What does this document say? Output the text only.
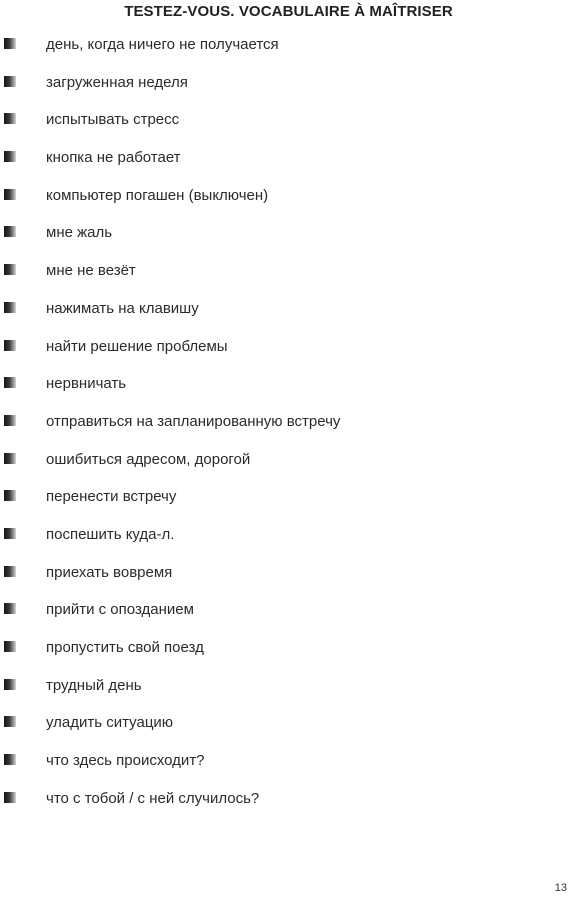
TESTEZ-VOUS. VOCABULAIRE À MAÎTRISER
день, когда ничего не получается
загруженная неделя
испытывать стресс
кнопка не работает
компьютер погашен (выключен)
мне жаль
мне не везёт
нажимать на клавишу
найти решение проблемы
нервничать
отправиться на запланированную встречу
ошибиться адресом, дорогой
перенести встречу
поспешить куда-л.
приехать вовремя
прийти с опозданием
пропустить свой поезд
трудный день
уладить ситуацию
что здесь происходит?
что с тобой / с ней случилось?
13
